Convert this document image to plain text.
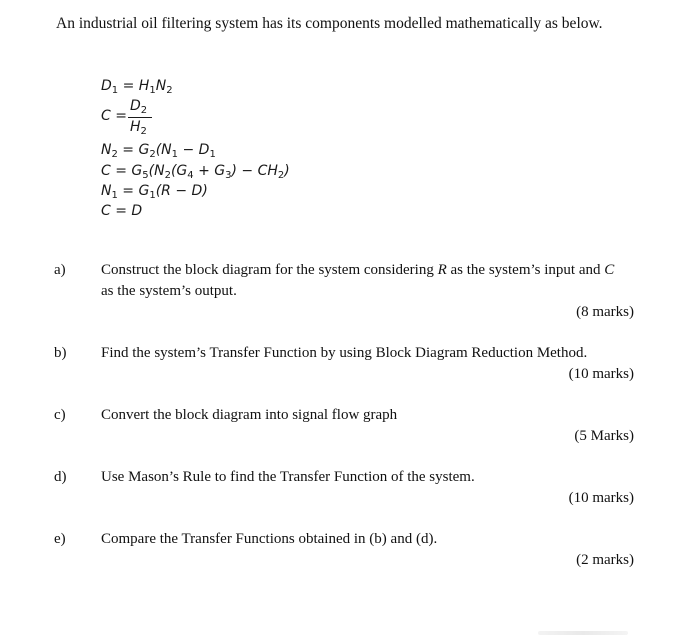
An industrial oil filtering system has its components modelled mathematically as below.
$D_1 = H_1N_2$
C =
$D_2$
$H_2$
$N_2 = G_2(N_1 - D_1$
$C = G_5(N_2(G_4 + G_3) - CH_2)$
$N_1 = G_1(R - D)$
C = D
a) Construct the block diagram for the system considering R as the system’s input and C
as the system’s output.
(8 marks)
b) Find the system’s Transfer Function by using Block Diagram Reduction Method.
(10 marks)
c) Convert the block diagram into signal flow graph
(5 Marks)
d) Use Mason’s Rule to find the Transfer Function of the system.
(10 marks)
e) Compare the Transfer Functions obtained in (b) and (d).
(2 marks)
